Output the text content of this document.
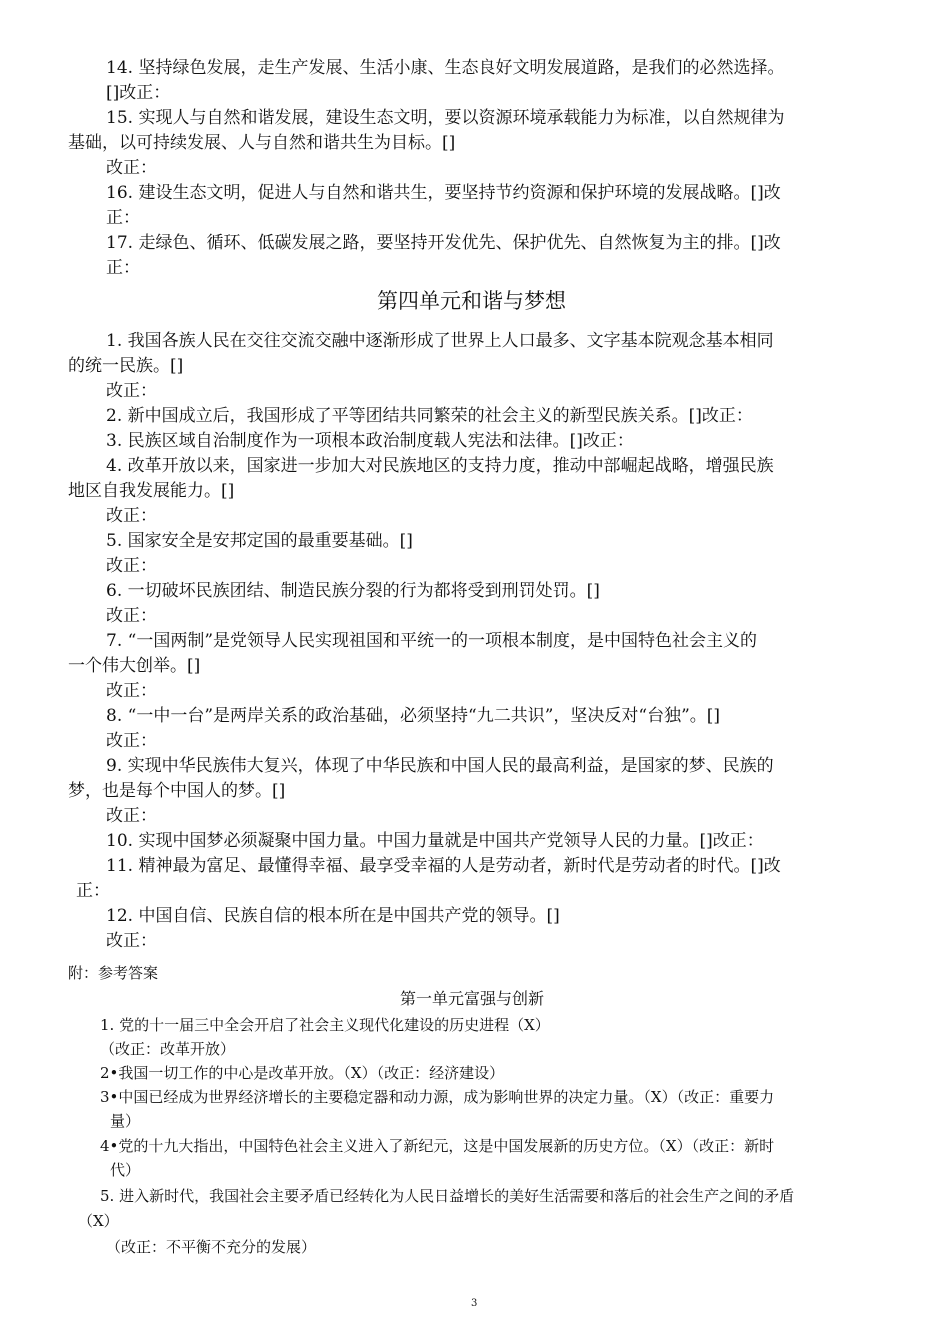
14. 坚持绿色发展，走生产发展、生活小康、生态良好文明发展道路，是我们的必然选择。
[]改正：
15. 实现人与自然和谐发展，建设生态文明，要以资源环境承载能力为标准，以自然规律为
基础，以可持续发展、人与自然和谐共生为目标。[]
改正：
16. 建设生态文明，促进人与自然和谐共生，要坚持节约资源和保护环境的发展战略。[]改
正：
17. 走绿色、循环、低碳发展之路，要坚持开发优先、保护优先、自然恢复为主的排。[]改
正：
第四单元和谐与梦想
1. 我国各族人民在交往交流交融中逐渐形成了世界上人口最多、文字基本院观念基本相同
的统一民族。[]
改正：
2. 新中国成立后，我国形成了平等团结共同繁荣的社会主义的新型民族关系。[]改正：
3. 民族区域自治制度作为一项根本政治制度载人宪法和法律。[]改正：
4. 改革开放以来，国家进一步加大对民族地区的支持力度，推动中部崛起战略，增强民族
地区自我发展能力。[]
改正：
5. 国家安全是安邦定国的最重要基础。[]
改正：
6. 一切破坏民族团结、制造民族分裂的行为都将受到刑罚处罚。[]
改正：
7. “一国两制”是党领导人民实现祖国和平统一的一项根本制度，是中国特色社会主义的
一个伟大创举。[]
改正：
8. “一中一台”是两岸关系的政治基础，必须坚持“九二共识”，坚决反对“台独”。[]
改正：
9. 实现中华民族伟大复兴，体现了中华民族和中国人民的最高利益，是国家的梦、民族的
梦，也是每个中国人的梦。[]
改正：
10. 实现中国梦必须凝聚中国力量。中国力量就是中国共产党领导人民的力量。[]改正：
11. 精神最为富足、最懂得幸福、最享受幸福的人是劳动者，新时代是劳动者的时代。[]改
正：
12. 中国自信、民族自信的根本所在是中国共产党的领导。[]
改正：
附：参考答案
第一单元富强与创新
1. 党的十一届三中全会开启了社会主义现代化建设的历史进程（X）
（改正：改革开放）
2•我国一切工作的中心是改革开放。（X）（改正：经济建设）
3•中国已经成为世界经济增长的主要稳定器和动力源，成为影响世界的决定力量。（X）（改正：重要力
量）
4•党的十九大指出，中国特色社会主义进入了新纪元，这是中国发展新的历史方位。（X）（改正：新时
代）
5. 进入新时代，我国社会主要矛盾已经转化为人民日益增长的美好生活需要和落后的社会生产之间的矛盾
（X）
（改正：不平衡不充分的发展）
3
